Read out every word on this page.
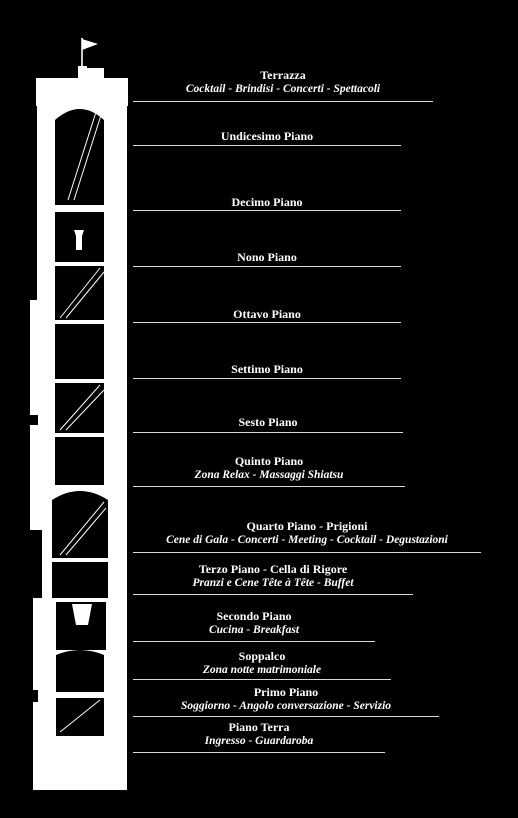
Terrazza
Cocktail - Brindisi - Concerti - Spettacoli
Undicesimo Piano
Decimo Piano
Nono Piano
Ottavo Piano
Settimo Piano
Sesto Piano
Quinto Piano
Zona Relax - Massaggi Shiatsu
Quarto Piano - Prigioni
Cene di Gala - Concerti - Meeting - Cocktail - Degustazioni
Terzo Piano - Cella di Rigore
Pranzi e Cene Tête à Tête - Buffet
Secondo Piano
Cucina - Breakfast
Soppalco
Zona notte matrimoniale
Primo Piano
Soggiorno - Angolo conversazione - Servizio
Piano Terra
Ingresso - Guardaroba
